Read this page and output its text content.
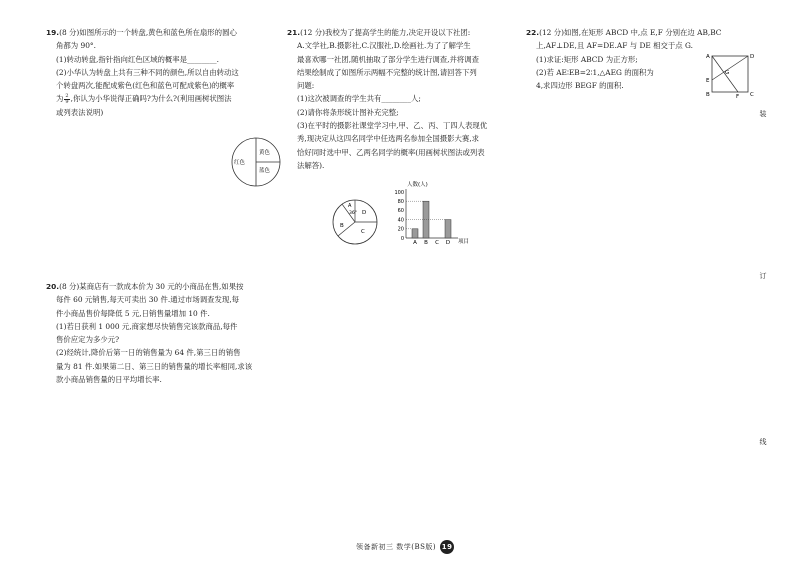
19.(8 分)如图所示的一个转盘,黄色和蓝色所在扇形的圆心

角都为 90°.

(1)转动转盘,指针指向红色区域的概率是________.

(2)小华认为转盘上共有三种不同的颜色,所以自由转动这

个转盘两次,能配成紫色(红色和蓝色可配成紫色)的概率

为 $\frac{2}{9}$ ,你认为小华说得正确吗?为什么?(利用画树状图法

或列表法说明)

黄色
蓝色
红色

20.(8 分)某商店有一款成本价为 30 元的小商品在售,如果按

每件 60 元销售,每天可卖出 30 件.通过市场调查发现,每

件小商品售价每降低 5 元,日销售量增加 10 件.

(1)若日获利 1 000 元,商家想尽快销售完该款商品,每件

售价应定为多少元?

(2)经统计,降价后第一日的销售量为 64 件,第三日的销售

量为 81 件.如果第二日、第三日的销售量的增长率相同,求该

款小商品销售量的日平均增长率.

21.(12 分)我校为了提高学生的能力,决定开设以下社团:

A.文学社,B.摄影社,C.汉服社,D.绘画社.为了了解学生

最喜欢哪一社团,随机抽取了部分学生进行调查,并将调查

结果绘制成了如图所示两幅不完整的统计图,请回答下列

问题:

(1)这次被调查的学生共有________人;

(2)请你将条形统计图补充完整;

(3)在平时的摄影社课堂学习中,甲、乙、丙、丁四人表现优

秀,现决定从这四名同学中任选两名参加全国摄影大赛,求

恰好同时选中甲、乙两名同学的概率(用画树状图法或列表

法解答).

A
36° D
B
C
人数(人)
项目
0
20
40
60
80
100
A B C D

22.(12 分)如图,在矩形 ABCD 中,点 E,F 分别在边 AB,BC

上,AF⊥DE,且 AF=DE.AF 与 DE 相交于点 G.

(1)求证:矩形 ABCD 为正方形;

(2)若 AE∶EB=2∶1,△AEG 的面积为

4,求四边形 BEGF 的面积.

A	D
E
G
B	F C
装
订
线
领备新初三 数学(BS版) 19
